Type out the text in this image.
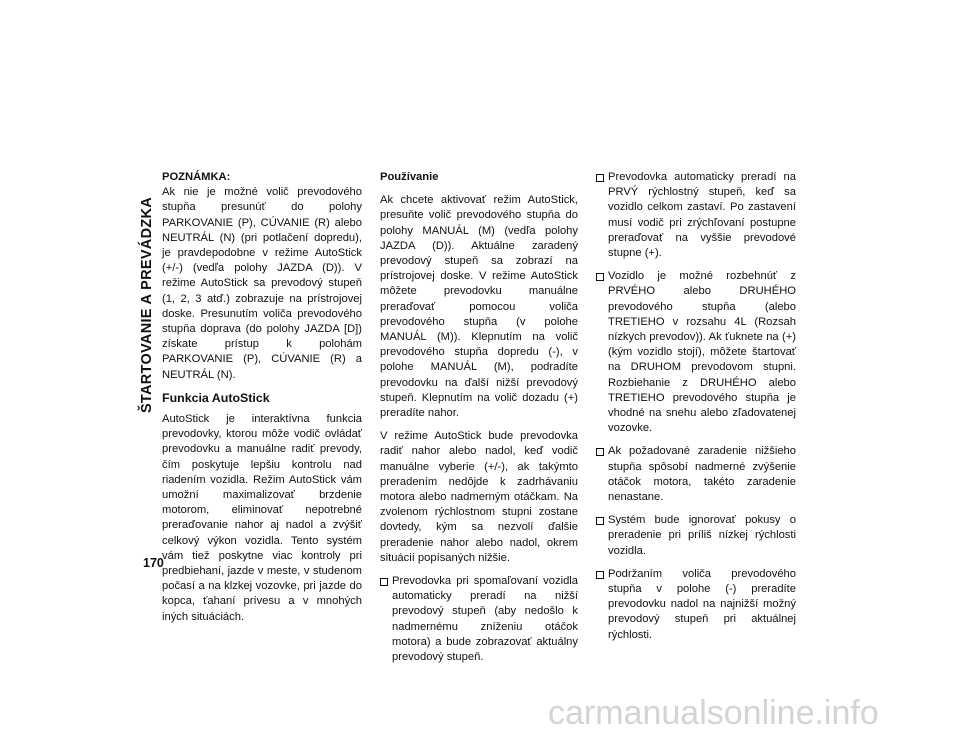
ŠTARTOVANIE A PREVÁDZKA

POZNÁMKA:

Ak nie je možné volič prevodového stupňa presunúť do polohy PARKOVANIE (P), CÚVANIE (R) alebo NEUTRÁL (N) (pri potlačení dopredu), je pravdepodobne v režime AutoStick (+/-) (vedľa polohy JAZDA (D)). V režime AutoStick sa prevodový stupeň (1, 2, 3 atď.) zobrazuje na prístrojovej doske. Presunutím voliča prevodového stupňa doprava (do polohy JAZDA [D]) získate prístup k polohám PARKOVANIE (P), CÚVANIE (R) a NEUTRÁL (N).

Funkcia AutoStick

AutoStick je interaktívna funkcia prevodovky, ktorou môže vodič ovládať prevodovku a manuálne radiť prevody, čím poskytuje lepšiu kontrolu nad riadením vozidla. Režim AutoStick vám umožní maximalizovať brzdenie motorom, eliminovať nepotrebné preraďovanie nahor aj nadol a zvýšiť celkový výkon vozidla. Tento systém vám tiež poskytne viac kontroly pri predbiehaní, jazde v meste, v studenom počasí a na klzkej vozovke, pri jazde do kopca, ťahaní prívesu a v mnohých iných situáciách.

Používanie

Ak chcete aktivovať režim AutoStick, presuňte volič prevodového stupňa do polohy MANUÁL (M) (vedľa polohy JAZDA (D)). Aktuálne zaradený prevodový stupeň sa zobrazí na prístrojovej doske. V režime AutoStick môžete prevodovku manuálne preraďovať pomocou voliča prevodového stupňa (v polohe MANUÁL (M)). Klepnutím na volič prevodového stupňa dopredu (-), v polohe MANUÁL (M), podradíte prevodovku na ďalší nižší prevodový stupeň. Klepnutím na volič dozadu (+) preradíte nahor.

V režime AutoStick bude prevodovka radiť nahor alebo nadol, keď vodič manuálne vyberie (+/-), ak takýmto preradením nedôjde k zadrhávaniu motora alebo nadmerným otáčkam. Na zvolenom rýchlostnom stupni zostane dovtedy, kým sa nezvolí ďalšie preradenie nahor alebo nadol, okrem situácií popísaných nižšie.

Prevodovka pri spomaľovaní vozidla automaticky preradí na nižší prevodový stupeň (aby nedošlo k nadmernému zníženiu otáčok motora) a bude zobrazovať aktuálny prevodový stupeň.
Prevodovka automaticky preradí na PRVÝ rýchlostný stupeň, keď sa vozidlo celkom zastaví. Po zastavení musí vodič pri zrýchľovaní postupne preraďovať na vyššie prevodové stupne (+).
Vozidlo je možné rozbehnúť z PRVÉHO alebo DRUHÉHO prevodového stupňa (alebo TRETIEHO v rozsahu 4L (Rozsah nízkych prevodov)). Ak ťuknete na (+) (kým vozidlo stojí), môžete štartovať na DRUHOM prevodovom stupni. Rozbiehanie z DRUHÉHO alebo TRETIEHO prevodového stupňa je vhodné na snehu alebo zľadovatenej vozovke.
Ak požadované zaradenie nižšieho stupňa spôsobí nadmerné zvýšenie otáčok motora, takéto zaradenie nenastane.
Systém bude ignorovať pokusy o preradenie pri príliš nízkej rýchlosti vozidla.
Podržaním voliča prevodového stupňa v polohe (-) preradíte prevodovku nadol na najnižší možný prevodový stupeň pri aktuálnej rýchlosti.
170
carmanualsonline.info
